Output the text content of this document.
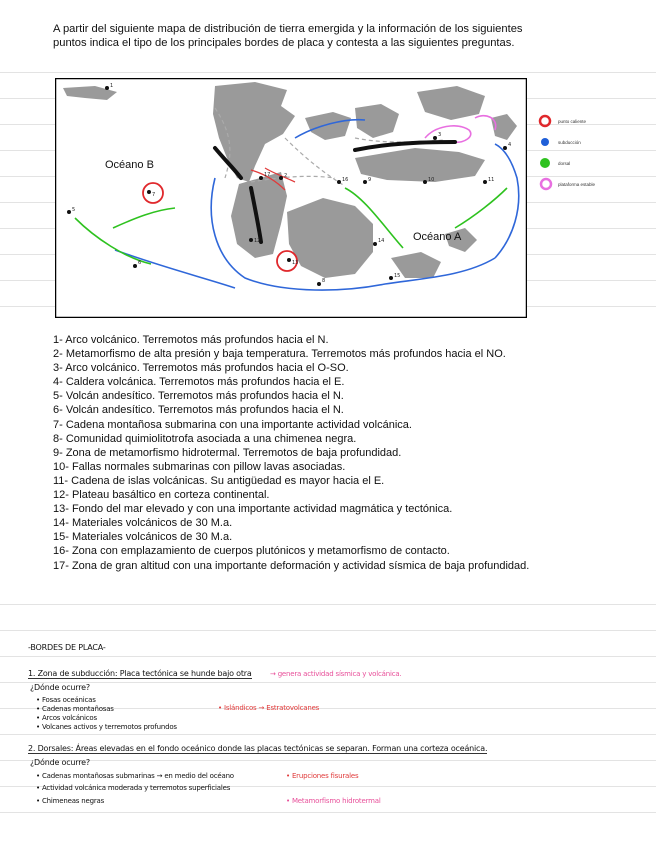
A partir del siguiente mapa de distribución de tierra emergida y la información de los siguientes puntos indica el tipo de los principales bordes de placa y contesta a las siguientes preguntas.
1
2
3
4
5
6
7
8
9	10	11
12
13
14
15
16
17
Océano B
Océano A
punto caliente
subducción
dorsal
plataforma estable
1- Arco volcánico. Terremotos más profundos hacia el N.
2- Metamorfismo de alta presión y baja temperatura. Terremotos más profundos hacia el NO.
3- Arco volcánico. Terremotos más profundos hacia el O-SO.
4- Caldera volcánica. Terremotos más profundos hacia el E.
5- Volcán andesítico. Terremotos más profundos hacia el N.
6- Volcán andesítico. Terremotos más profundos hacia el N.
7- Cadena montañosa submarina con una importante actividad volcánica.
8- Comunidad quimiolitotrofa asociada a una chimenea negra.
9- Zona de metamorfismo hidrotermal. Terremotos de baja profundidad.
10- Fallas normales submarinas con pillow lavas asociadas.
11- Cadena de islas volcánicas. Su antigüedad es mayor hacia el E.
12- Plateau basáltico en corteza continental.
13- Fondo del mar elevado y con una importante actividad magmática y tectónica.
14- Materiales volcánicos de 30 M.a.
15- Materiales volcánicos de 30 M.a.
16- Zona con emplazamiento de cuerpos plutónicos y metamorfismo de contacto.
17- Zona de gran altitud con una importante deformación y actividad sísmica de baja profundidad.
-BORDES DE PLACA-
1. Zona de subducción: Placa tectónica se hunde bajo otra	→ genera actividad sísmica y volcánica.
¿Dónde ocurre?
• Fosas oceánicas
• Cadenas montañosas
• Arcos volcánicos
• Volcanes activos y terremotos profundos
• Islándicos → Estratovolcanes
2. Dorsales: Áreas elevadas en el fondo oceánico donde las placas tectónicas se separan. Forman una corteza oceánica.
¿Dónde ocurre?
• Cadenas montañosas submarinas → en medio del océano
• Actividad volcánica moderada y terremotos superficiales
• Chimeneas negras
• Erupciones fisurales
• Metamorfismo hidrotermal
